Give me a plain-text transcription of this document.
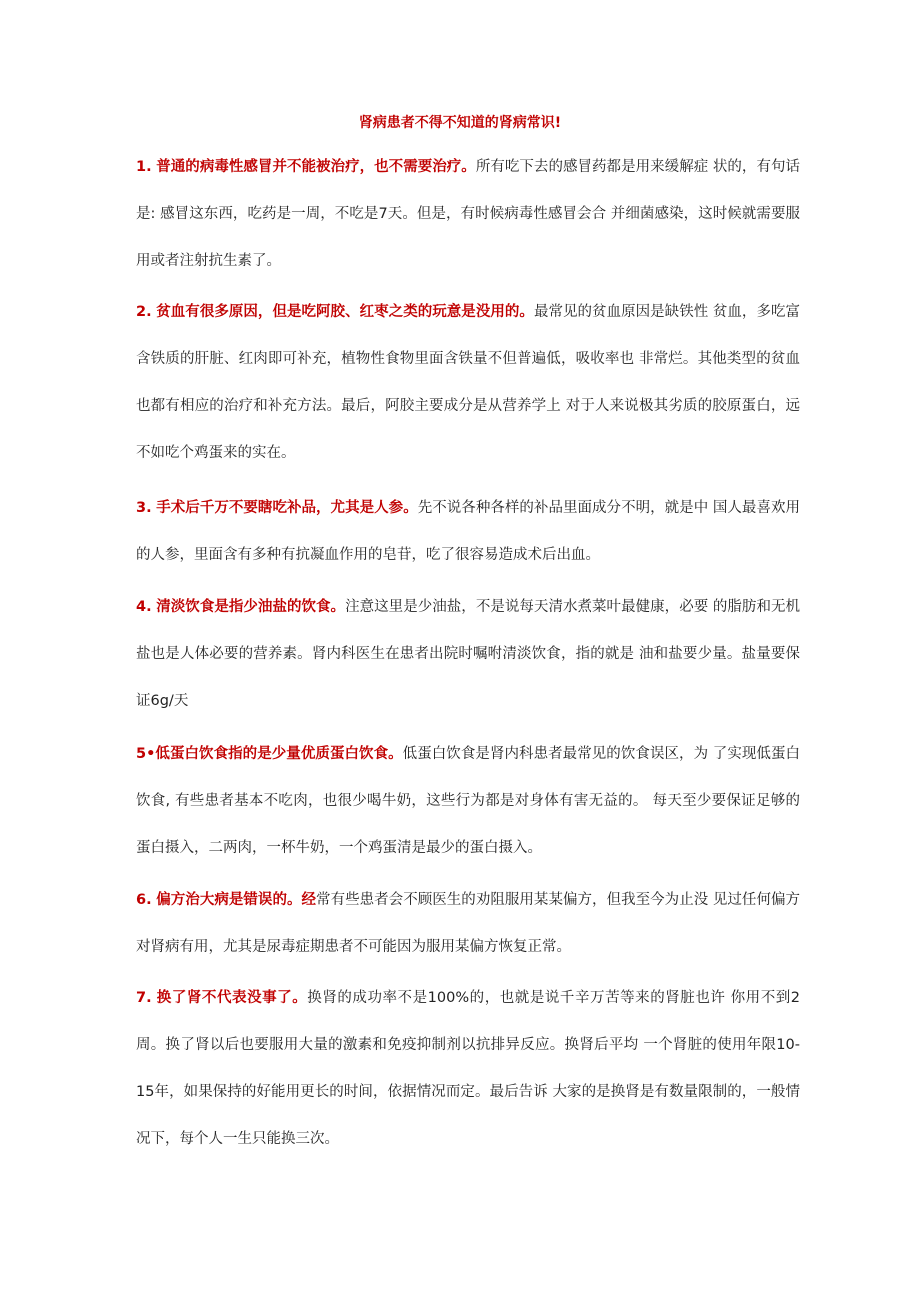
肾病患者不得不知道的肾病常识!
1. 普通的病毒性感冒并不能被治疗，也不需要治疗。所有吃下去的感冒药都是用来缓解症 状的，有句话是: 感冒这东西，吃药是一周，不吃是7天。但是，有时候病毒性感冒会合 并细菌感染，这时候就需要服用或者注射抗生素了。
2. 贫血有很多原因，但是吃阿胶、红枣之类的玩意是没用的。最常见的贫血原因是缺铁性 贫血，多吃富含铁质的肝脏、红肉即可补充，植物性食物里面含铁量不但普遍低，吸收率也 非常烂。其他类型的贫血也都有相应的治疗和补充方法。最后，阿胶主要成分是从营养学上 对于人来说极其劣质的胶原蛋白，远不如吃个鸡蛋来的实在。
3. 手术后千万不要瞎吃补品，尤其是人参。先不说各种各样的补品里面成分不明，就是中 国人最喜欢用的人参，里面含有多种有抗凝血作用的皂苷，吃了很容易造成术后出血。
4. 清淡饮食是指少油盐的饮食。注意这里是少油盐，不是说每天清水煮菜叶最健康，必要 的脂肪和无机盐也是人体必要的营养素。肾内科医生在患者出院时嘱咐清淡饮食，指的就是 油和盐要少量。盐量要保证6g/天
5•低蛋白饮食指的是少量优质蛋白饮食。低蛋白饮食是肾内科患者最常见的饮食误区，为 了实现低蛋白饮食, 有些患者基本不吃肉，也很少喝牛奶，这些行为都是对身体有害无益的。 每天至少要保证足够的蛋白摄入，二两肉，一杯牛奶，一个鸡蛋清是最少的蛋白摄入。
6. 偏方治大病是错误的。经常有些患者会不顾医生的劝阻服用某某偏方，但我至今为止没 见过任何偏方对肾病有用，尤其是尿毒症期患者不可能因为服用某偏方恢复正常。
7. 换了肾不代表没事了。换肾的成功率不是100%的，也就是说千辛万苦等来的肾脏也许 你用不到2周。换了肾以后也要服用大量的激素和免疫抑制剂以抗排异反应。换肾后平均 一个肾脏的使用年限10-15年，如果保持的好能用更长的时间，依据情况而定。最后告诉 大家的是换肾是有数量限制的，一般情况下，每个人一生只能换三次。
